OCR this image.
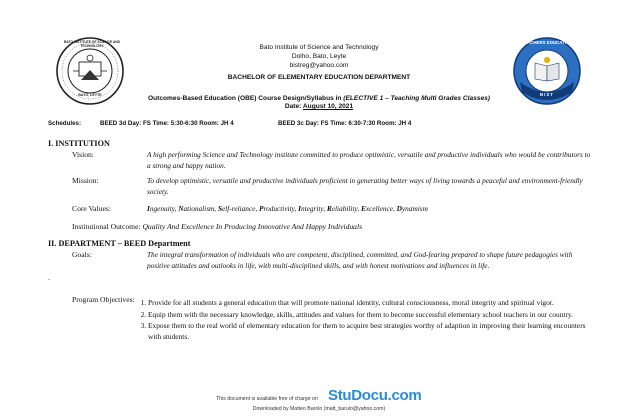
BATO INSTITUTE OF SCIENCE AND TECHNOLOGY
BATO, LEYTE
TEACHERS EDUCATION
BIST
Bato Institute of Science and Technology
Dolho, Bato, Leyte
bistreg@yahoo.com
BACHELOR OF ELEMENTARY EDUCATION DEPARTMENT
Outcomes-Based Education (OBE) Course Design/Syllabus in (ELECTIVE 1 – Teaching Multi Grades Classes)
Date: August 10, 2021
Schedules:	BEED 3d Day: FS Time: 5:30-6:30 Room: JH 4	BEED 3c Day: FS Time: 6:30-7:30 Room: JH 4
I. INSTITUTION
Vision:	A high performing Science and Technology institute committed to produce optimistic, versatile and productive individuals who would be contributors to a strong and happy nation.
Mission:	To develop optimistic, versatile and productive individuals proficient in generating better ways of living towards a peaceful and environment-friendly society.
Core Values:	Ingenuity, Nationalism, Self-reliance, Productivity, Integrity, Reliability, Excellence, Dynamism
Institutional Outcome: Quality And Excellence In Producing Innovative And Happy Individuals
II. DEPARTMENT – BEED Department
Goals:	The integral transformation of individuals who are competent, disciplined, committed, and God-fearing prepared to shape future pedagogies with positive attitudes and outlooks in life, with multi-disciplined skills, and with honest motivations and influences in life.
.
Program Objectives:
1. Provide for all students a general education that will promote national identity, cultural consciousness, moral integrity and spiritual vigor.
2. Equip them with the necessary knowledge, skills, attitudes and values for them to become successful elementary school teachers in our country.
3. Expose them to the real world of elementary education for them to acquire best strategies worthy of adaption in improving their learning encounters with students.
This document is available free of charge on StuDocu.com
Downloaded by Matteo Barolo (matt_barulo@yahoo.com)
